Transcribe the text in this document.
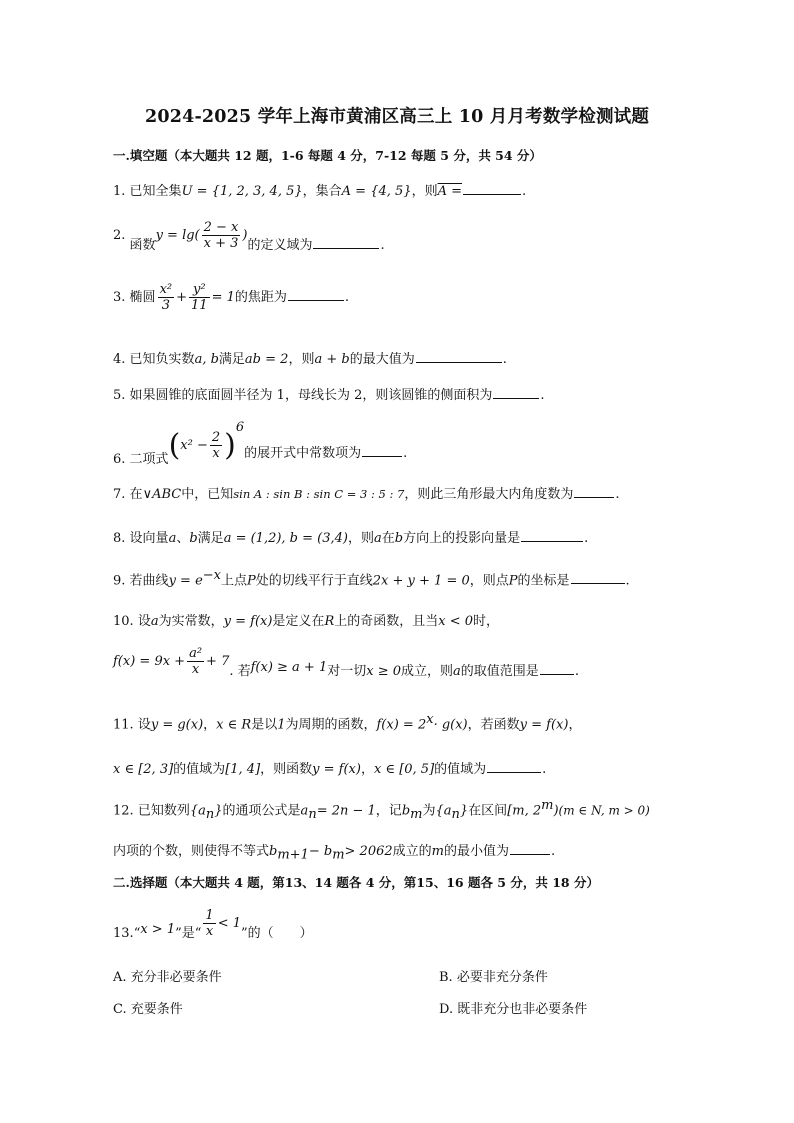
2024-2025 学年上海市黄浦区高三上 10 月月考数学检测试题
一.填空题（本大题共 12 题，1-6 每题 4 分，7-12 每题 5 分，共 54 分）
1. 已知全集U = {1, 2, 3, 4, 5}，集合A = {4, 5}，则A =	.
2. 函数$y = \lg( \frac{2 - x}{x + 3}$ )的定义域为	.
3. 椭圆 $\frac{\text{x²}}{3} + \frac{\text{y²}}{11} = 1$的焦距为	.
4. 已知负实数a, b满足ab = 2，则a + b的最大值为	.
5. 如果圆锥的底面圆半径为 1，母线长为 2，则该圆锥的侧面积为	.
6. 二项式$(x^2 - \frac{2}{x} )^6$的展开式中常数项为	.
7. 在∨ABC中，已知sin A : sin B : sin C = 3 : 5 : 7，则此三角形最大内角度数为	.
8. 设向量a、b满足a = (1,2), b = (3,4)，则a在b方向上的投影向量是	.
9. 若曲线$y = e^{-x}$上点P处的切线平行于直线2x + y + 1 = 0，则点P的坐标是	.
10. 设a为实常数，y = f(x)是定义在R上的奇函数，且当x < 0时，
$f(x) = 9x + \frac{\text{a²}}{x} + 7$. 若f(x) ≥ a + 1对一切x ≥ 0成立，则a的取值范围是	.
11. 设y = g(x)，x ∈ R是以1为周期的函数，$f(x) = 2^x\cdot g(x)$，若函数y = f(x)，
x ∈ [2, 3]的值域为[1, 4]，则函数y = f(x)，x ∈ [0, 5]的值域为	.
12. 已知数列$\{a_n\}$的通项公式是$a_n= 2n - 1$，记$b_m$为$\{a_n\}$在区间[m, 2$^m$)(m ∈ N, m > 0)
内项的个数，则使得不等式$b_{m+1}- b_m> 2062$成立的m的最小值为	.
二.选择题（本大题共 4 题，第13、14 题各 4 分，第15、16 题各 5 分，共 18 分）
13.“x > 1”是“ $\frac{1}{x} < 1$”的（　　）
A. 充分非必要条件	B. 必要非充分条件
C. 充要条件	D. 既非充分也非必要条件
